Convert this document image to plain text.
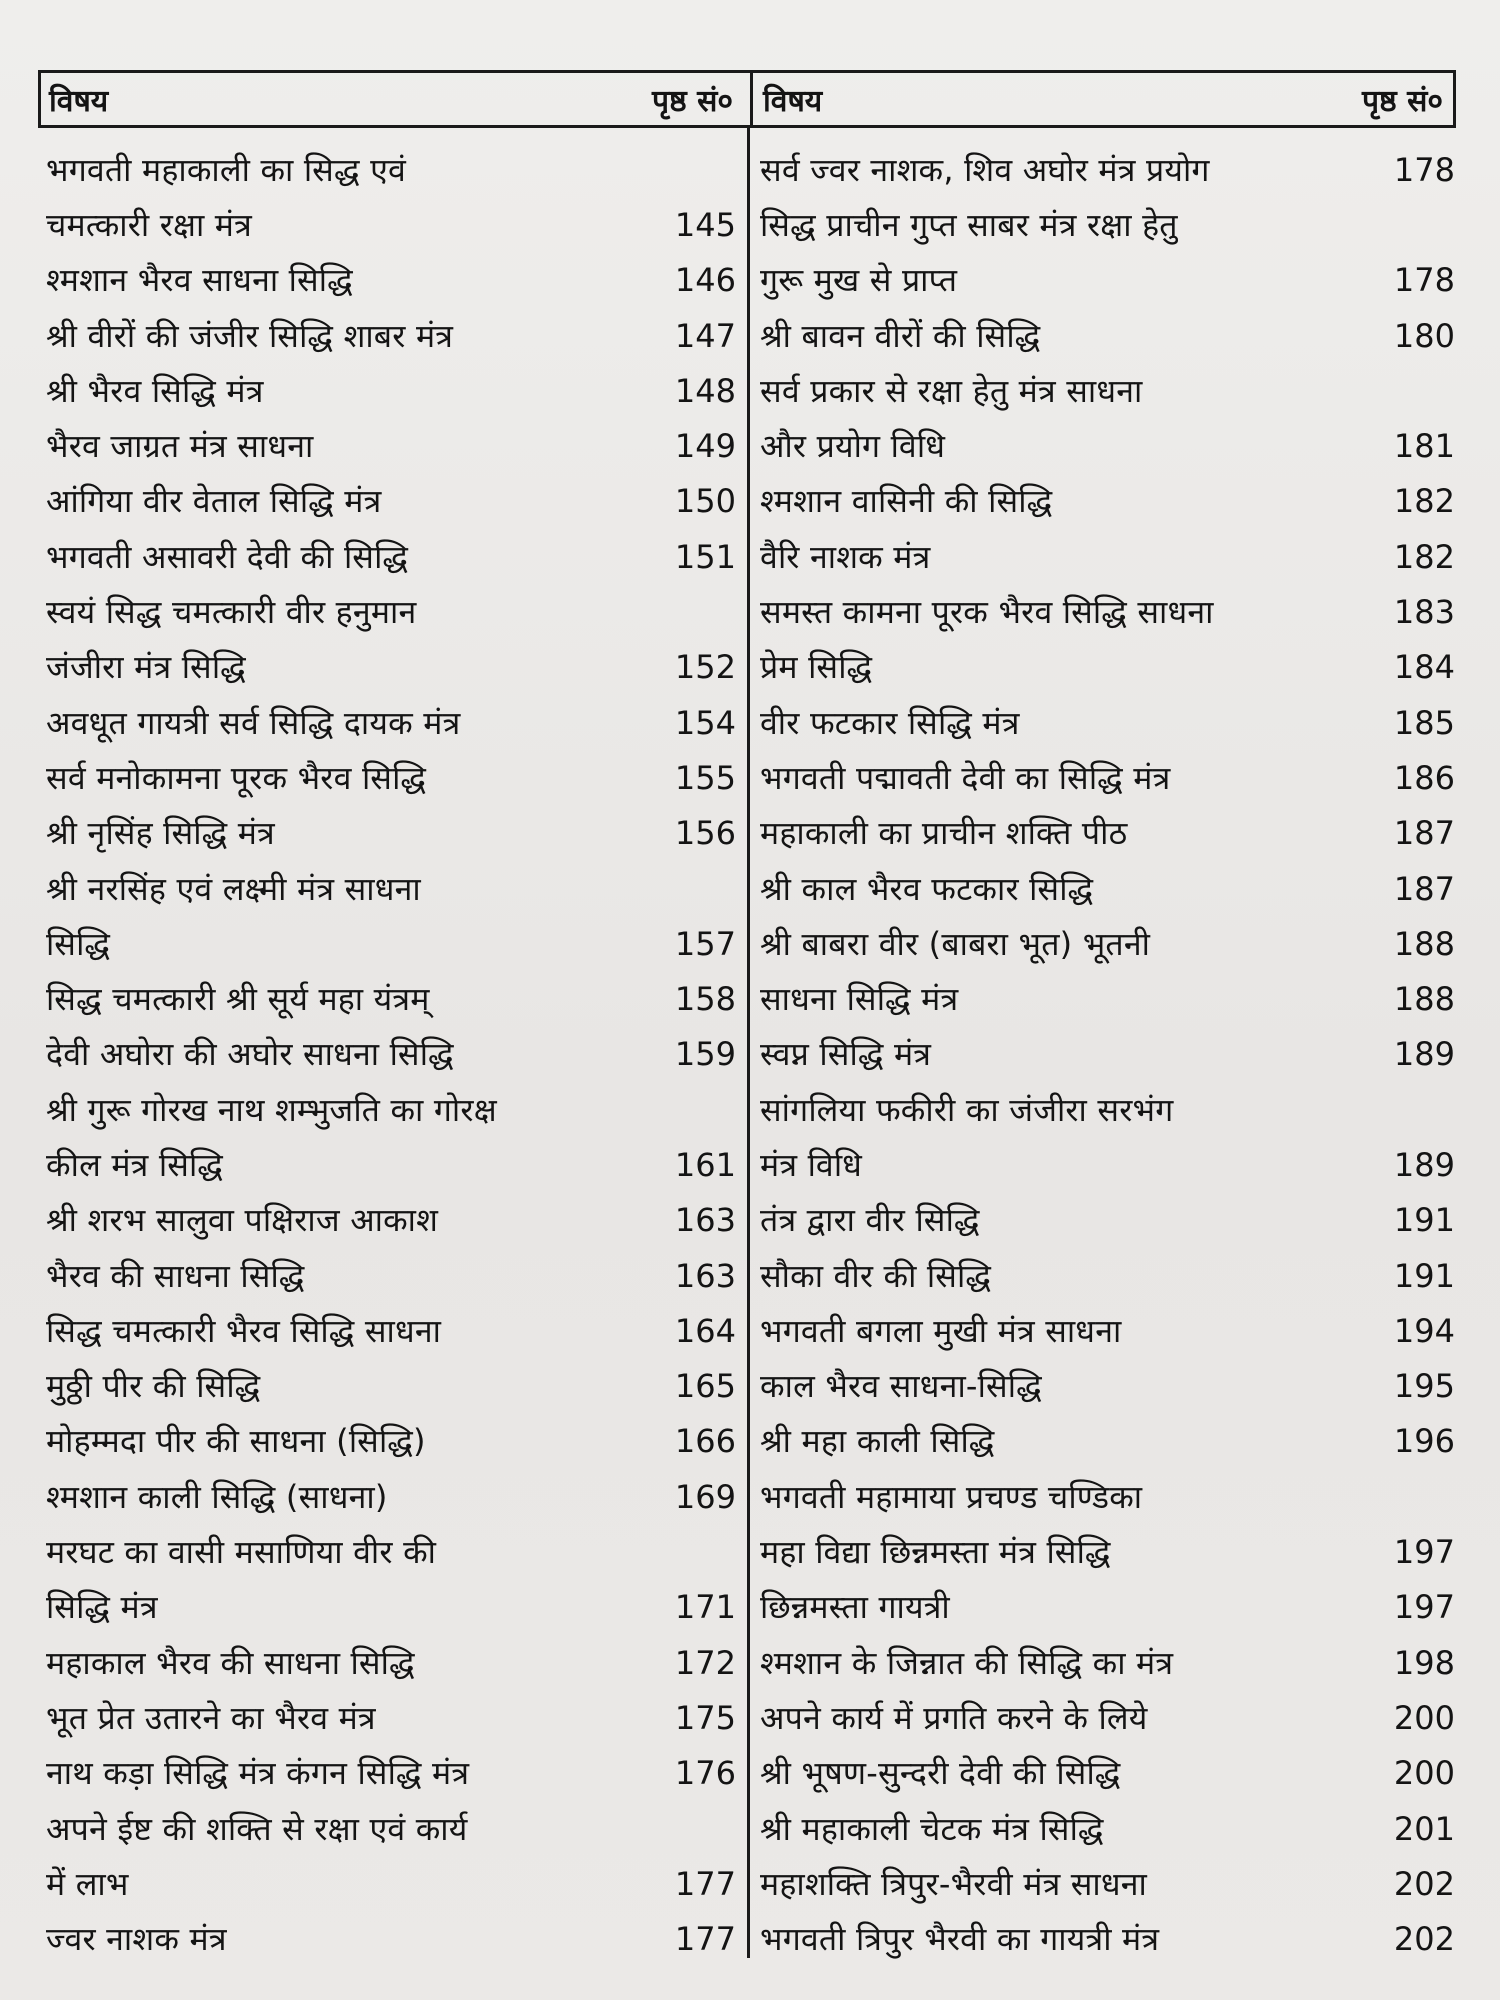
विषय	पृष्ठ सं० विषय	पृष्ठ सं०
भगवती महाकाली का सिद्ध एवं
चमत्कारी रक्षा मंत्र	145
श्मशान भैरव साधना सिद्धि	146
श्री वीरों की जंजीर सिद्धि शाबर मंत्र	147
श्री भैरव सिद्धि मंत्र	148
भैरव जाग्रत मंत्र साधना	149
आंगिया वीर वेताल सिद्धि मंत्र	150
भगवती असावरी देवी की सिद्धि	151
स्वयं सिद्ध चमत्कारी वीर हनुमान
जंजीरा मंत्र सिद्धि	152
अवधूत गायत्री सर्व सिद्धि दायक मंत्र	154
सर्व मनोकामना पूरक भैरव सिद्धि	155
श्री नृसिंह सिद्धि मंत्र	156
श्री नरसिंह एवं लक्ष्मी मंत्र साधना
सिद्धि	157
सिद्ध चमत्कारी श्री सूर्य महा यंत्रम्	158
देवी अघोरा की अघोर साधना सिद्धि	159
श्री गुरू गोरख नाथ शम्भुजति का गोरक्ष
कील मंत्र सिद्धि	161
श्री शरभ सालुवा पक्षिराज आकाश	163
भैरव की साधना सिद्धि	163
सिद्ध चमत्कारी भैरव सिद्धि साधना	164
मुठ्ठी पीर की सिद्धि	165
मोहम्मदा पीर की साधना (सिद्धि)	166
श्मशान काली सिद्धि (साधना)	169
मरघट का वासी मसाणिया वीर की
सिद्धि मंत्र	171
महाकाल भैरव की साधना सिद्धि	172
भूत प्रेत उतारने का भैरव मंत्र	175
नाथ कड़ा सिद्धि मंत्र कंगन सिद्धि मंत्र	176
अपने ईष्ट की शक्ति से रक्षा एवं कार्य
में लाभ	177
ज्वर नाशक मंत्र	177
सर्व ज्वर नाशक, शिव अघोर मंत्र प्रयोग	178
सिद्ध प्राचीन गुप्त साबर मंत्र रक्षा हेतु
गुरू मुख से प्राप्त	178
श्री बावन वीरों की सिद्धि	180
सर्व प्रकार से रक्षा हेतु मंत्र साधना
और प्रयोग विधि	181
श्मशान वासिनी की सिद्धि	182
वैरि नाशक मंत्र	182
समस्त कामना पूरक भैरव सिद्धि साधना	183
प्रेम सिद्धि	184
वीर फटकार सिद्धि मंत्र	185
भगवती पद्मावती देवी का सिद्धि मंत्र	186
महाकाली का प्राचीन शक्ति पीठ	187
श्री काल भैरव फटकार सिद्धि	187
श्री बाबरा वीर (बाबरा भूत) भूतनी	188
साधना सिद्धि मंत्र	188
स्वप्न सिद्धि मंत्र	189
सांगलिया फकीरी का जंजीरा सरभंग
मंत्र विधि	189
तंत्र द्वारा वीर सिद्धि	191
सौका वीर की सिद्धि	191
भगवती बगला मुखी मंत्र साधना	194
काल भैरव साधना-सिद्धि	195
श्री महा काली सिद्धि	196
भगवती महामाया प्रचण्ड चण्डिका
महा विद्या छिन्नमस्ता मंत्र सिद्धि	197
छिन्नमस्ता गायत्री	197
श्मशान के जिन्नात की सिद्धि का मंत्र	198
अपने कार्य में प्रगति करने के लिये	200
श्री भूषण-सुन्दरी देवी की सिद्धि	200
श्री महाकाली चेटक मंत्र सिद्धि	201
महाशक्ति त्रिपुर-भैरवी मंत्र साधना	202
भगवती त्रिपुर भैरवी का गायत्री मंत्र	202
